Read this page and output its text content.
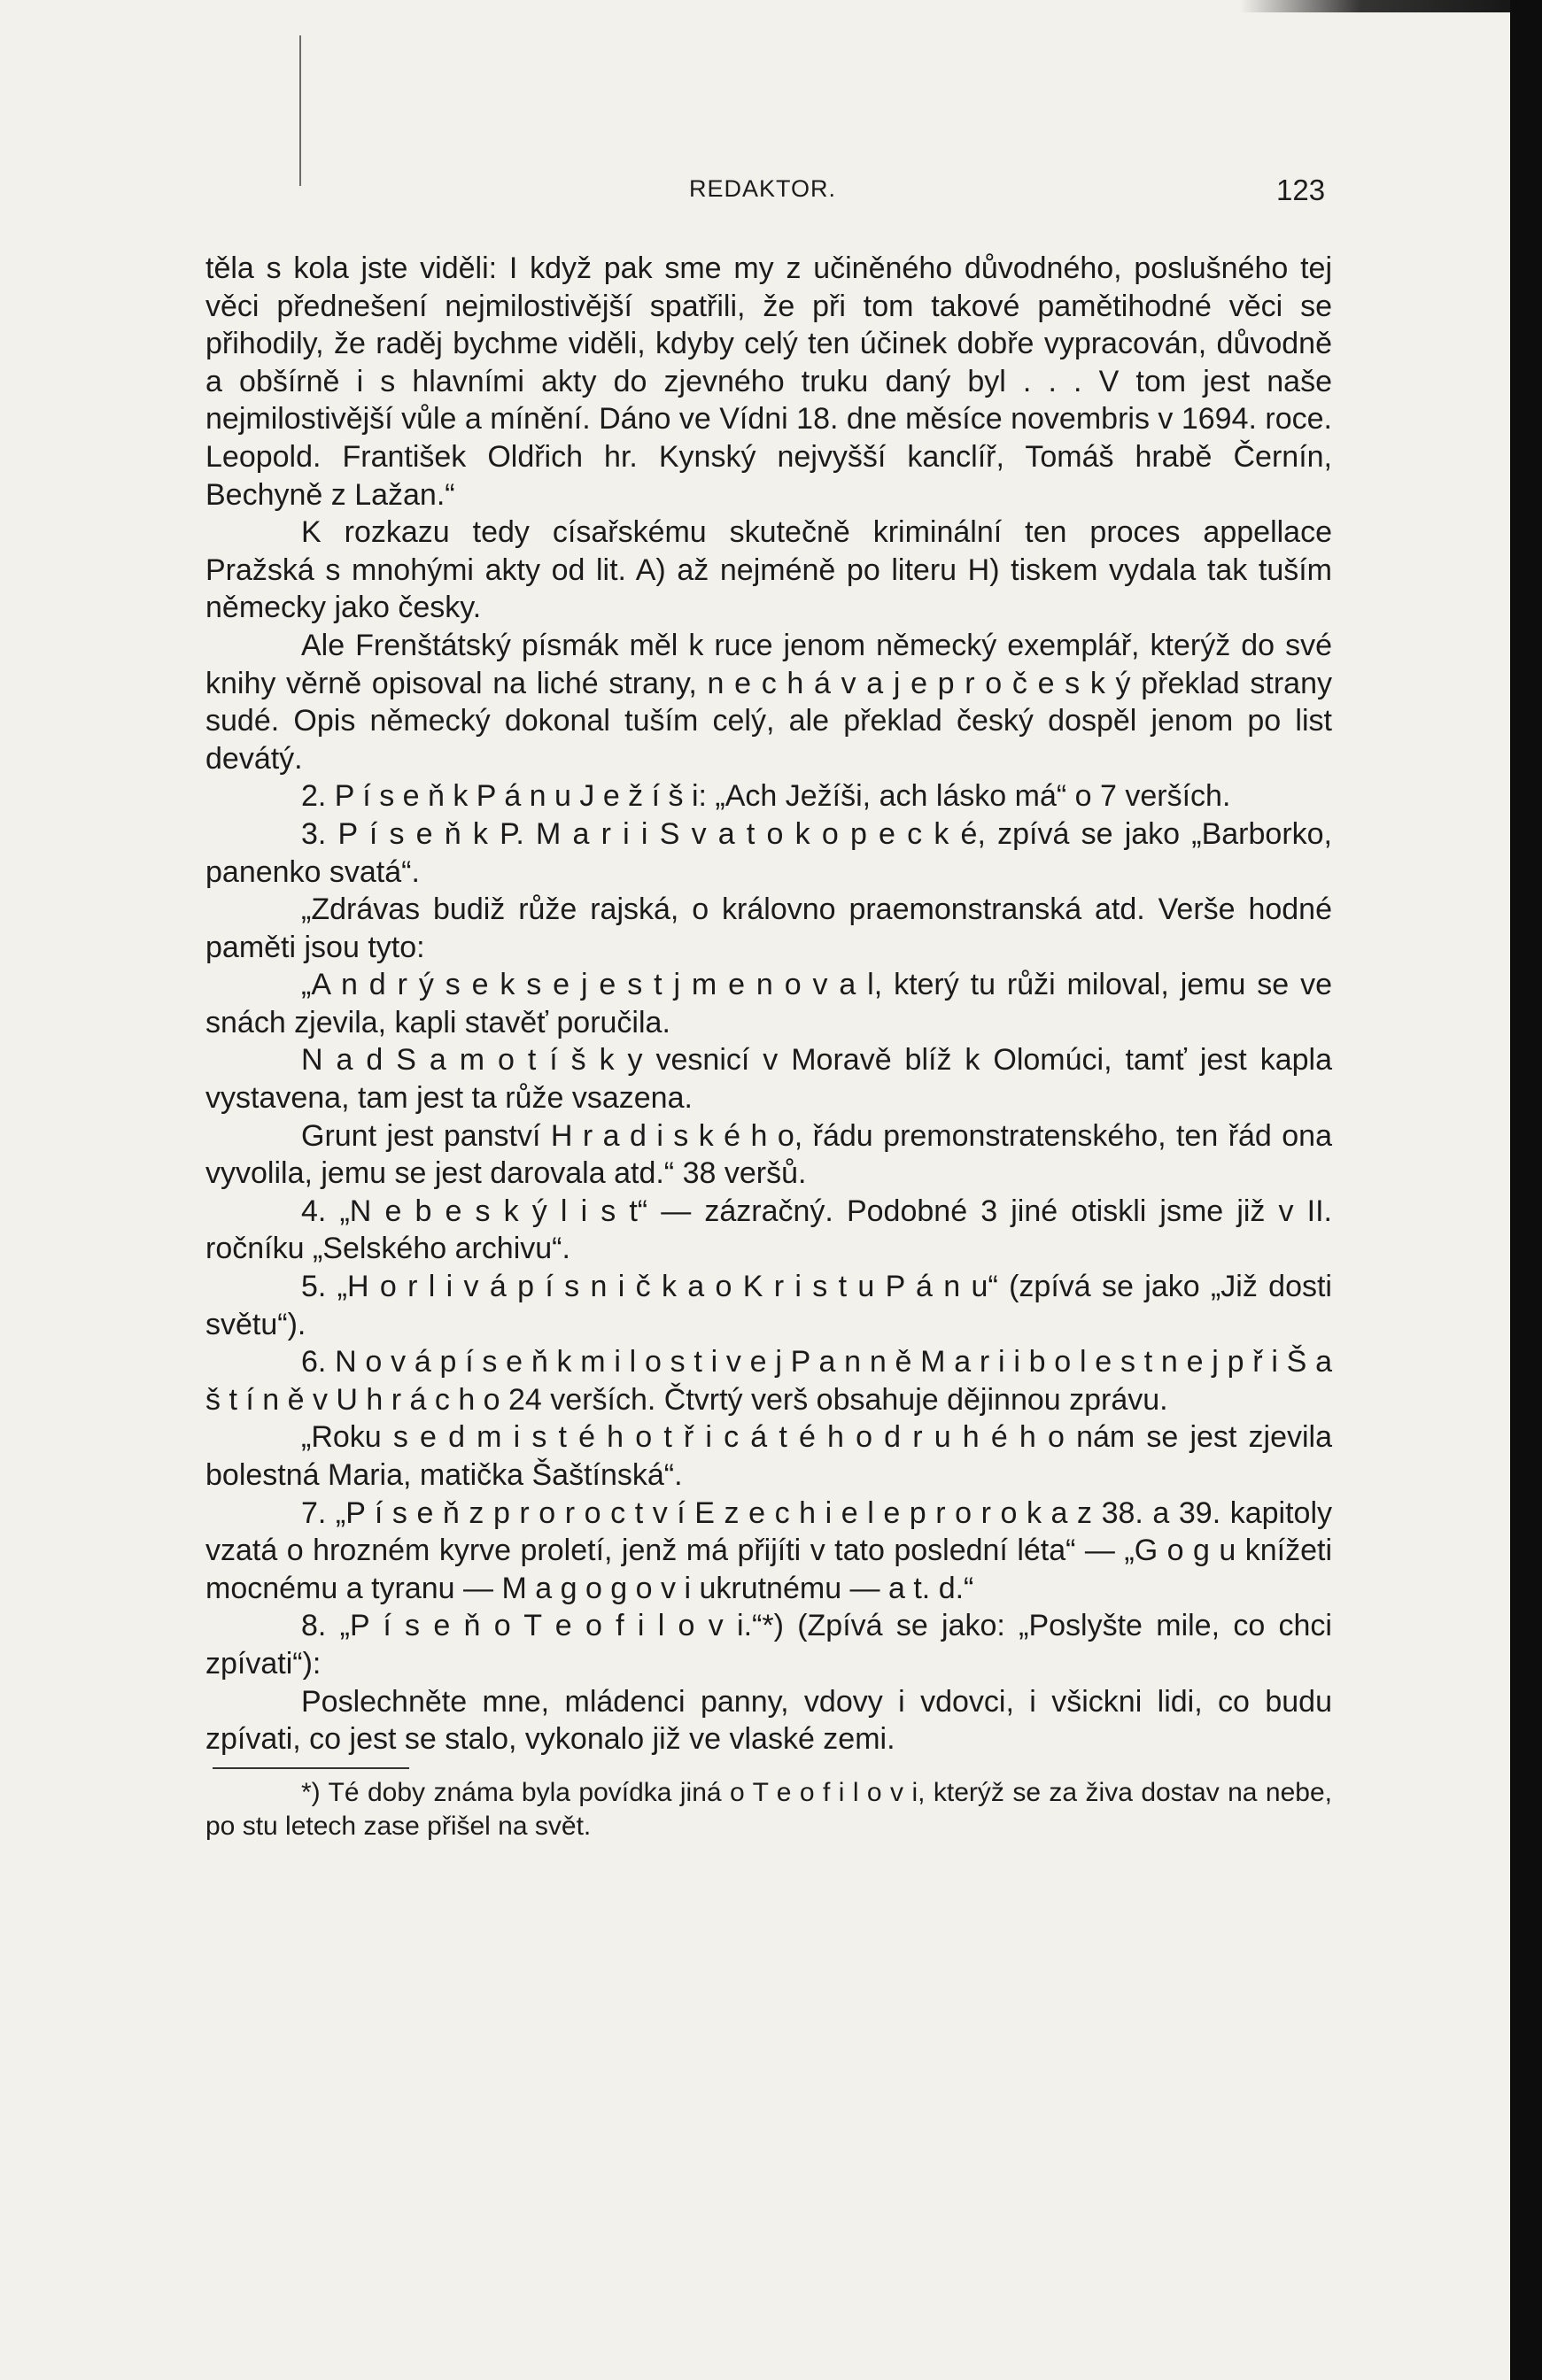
REDAKTOR.	123

těla s kola jste viděli: I když pak sme my z učiněného důvodného, poslušného tej věci přednešení nejmilostivější spatřili, že při tom takové pamětihodné věci se přihodily, že raděj bychme viděli, kdyby celý ten účinek dobře vypracován, důvodně a obšírně i s hlavními akty do zjevného truku daný byl . . . V tom jest naše nejmilostivější vůle a mínění. Dáno ve Vídni 18. dne měsíce novembris v 1694. roce. Leopold. František Oldřich hr. Kynský nejvyšší kanclíř, Tomáš hrabě Černín, Bechyně z Lažan.“

K rozkazu tedy císařskému skutečně kriminální ten proces appellace Pražská s mnohými akty od lit. A) až nejméně po literu H) tiskem vydala tak tuším německy jako česky.

Ale Frenštátský písmák měl k ruce jenom německý exemplář, kterýž do své knihy věrně opisoval na liché strany, n e c h á v a j e p r o č e s k ý překlad strany sudé. Opis německý dokonal tuším celý, ale překlad český dospěl jenom po list devátý.

2. P í s e ň k P á n u J e ž í š i: „Ach Ježíši, ach lásko má“ o 7 verších.

3. P í s e ň k P. M a r i i S v a t o k o p e c k é, zpívá se jako „Barborko, panenko svatá“.

„Zdrávas budiž růže rajská, o královno praemonstranská atd. Verše hodné paměti jsou tyto:

„A n d r ý s e k s e j e s t j m e n o v a l, který tu růži miloval, jemu se ve snách zjevila, kapli stavěť poručila.

N a d S a m o t í š k y vesnicí v Moravě blíž k Olomúci, tamť jest kapla vystavena, tam jest ta růže vsazena.

Grunt jest panství H r a d i s k é h o, řádu premonstratenského, ten řád ona vyvolila, jemu se jest darovala atd.“ 38 veršů.

4. „N e b e s k ý l i s t“ — zázračný. Podobné 3 jiné otiskli jsme již v II. ročníku „Selského archivu“.

5. „H o r l i v á p í s n i č k a o K r i s t u P á n u“ (zpívá se jako „Již dosti světu“).

6. N o v á p í s e ň k m i l o s t i v e j P a n n ě M a r i i b o l e s t n e j p ř i Š a š t í n ě v U h r á c h o 24 verších. Čtvrtý verš obsahuje dějinnou zprávu.

„Roku s e d m i s t é h o t ř i c á t é h o d r u h é h o nám se jest zjevila bolestná Maria, matička Šaštínská“.

7. „P í s e ň z p r o r o c t v í E z e c h i e l e p r o r o k a z 38. a 39. kapitoly vzatá o hrozném kyrve proletí, jenž má přijíti v tato poslední léta“ — „G o g u knížeti mocnému a tyranu — M a g o g o v i ukrutnému — a t. d.“

8. „P í s e ň o T e o f i l o v i.“*) (Zpívá se jako: „Poslyšte mile, co chci zpívati“):

Poslechněte mne, mládenci panny, vdovy i vdovci, i všickni lidi, co budu zpívati, co jest se stalo, vykonalo již ve vlaské zemi.

*) Té doby známa byla povídka jiná o T e o f i l o v i, kterýž se za živa dostav na nebe, po stu letech zase přišel na svět.
